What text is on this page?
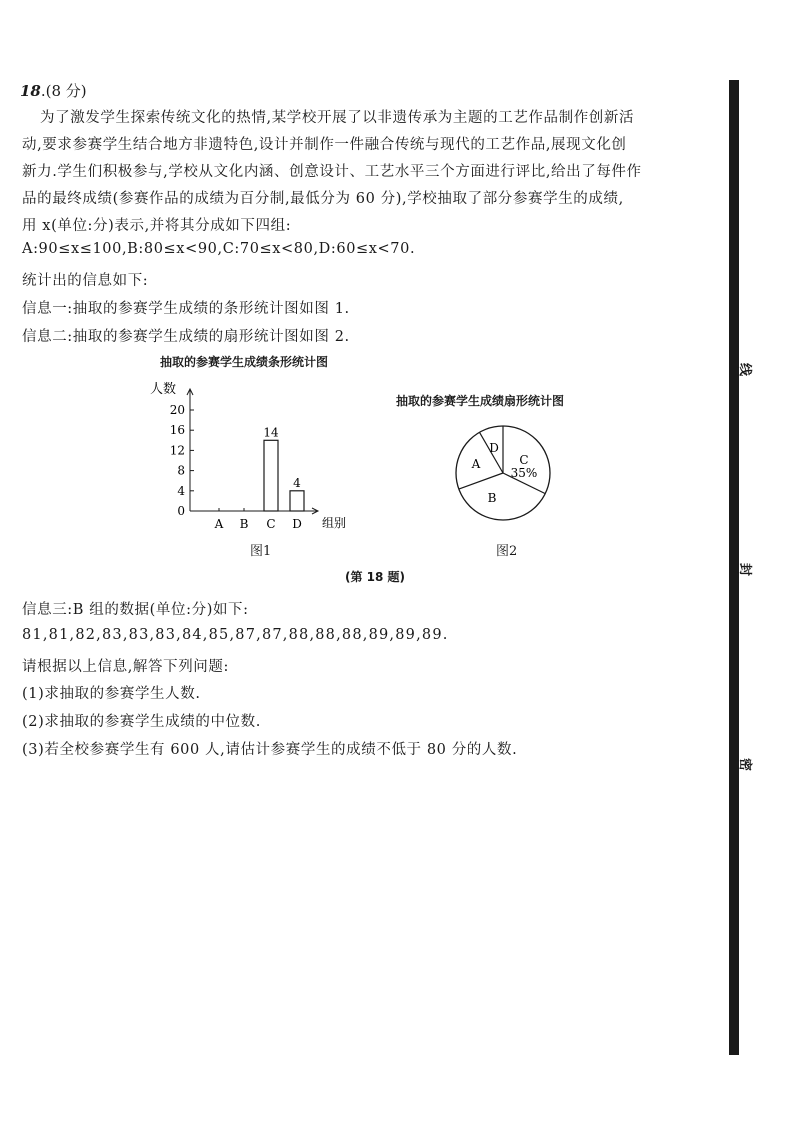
18.(8 分)
为了激发学生探索传统文化的热情,某学校开展了以非遗传承为主题的工艺作品制作创新活
动,要求参赛学生结合地方非遗特色,设计并制作一件融合传统与现代的工艺作品,展现文化创
新力.学生们积极参与,学校从文化内涵、创意设计、工艺水平三个方面进行评比,给出了每件作
品的最终成绩(参赛作品的成绩为百分制,最低分为 60 分),学校抽取了部分参赛学生的成绩,
用 x(单位:分)表示,并将其分成如下四组:
A:90≤x≤100,B:80≤x<90,C:70≤x<80,D:60≤x<70.
统计出的信息如下:
信息一:抽取的参赛学生成绩的条形统计图如图 1.
信息二:抽取的参赛学生成绩的扇形统计图如图 2.
抽取的参赛学生成绩条形统计图
人数
组别
0
4
8
12
16
20
A B C
14
D
4
图1
抽取的参赛学生成绩扇形统计图
A
B
C
35%
D
图2
(第 18 题)
信息三:B 组的数据(单位:分)如下:
81,81,82,83,83,83,84,85,87,87,88,88,88,89,89,89.
请根据以上信息,解答下列问题:
(1)求抽取的参赛学生人数.
(2)求抽取的参赛学生成绩的中位数.
(3)若全校参赛学生有 600 人,请估计参赛学生的成绩不低于 80 分的人数.
线
封
密
